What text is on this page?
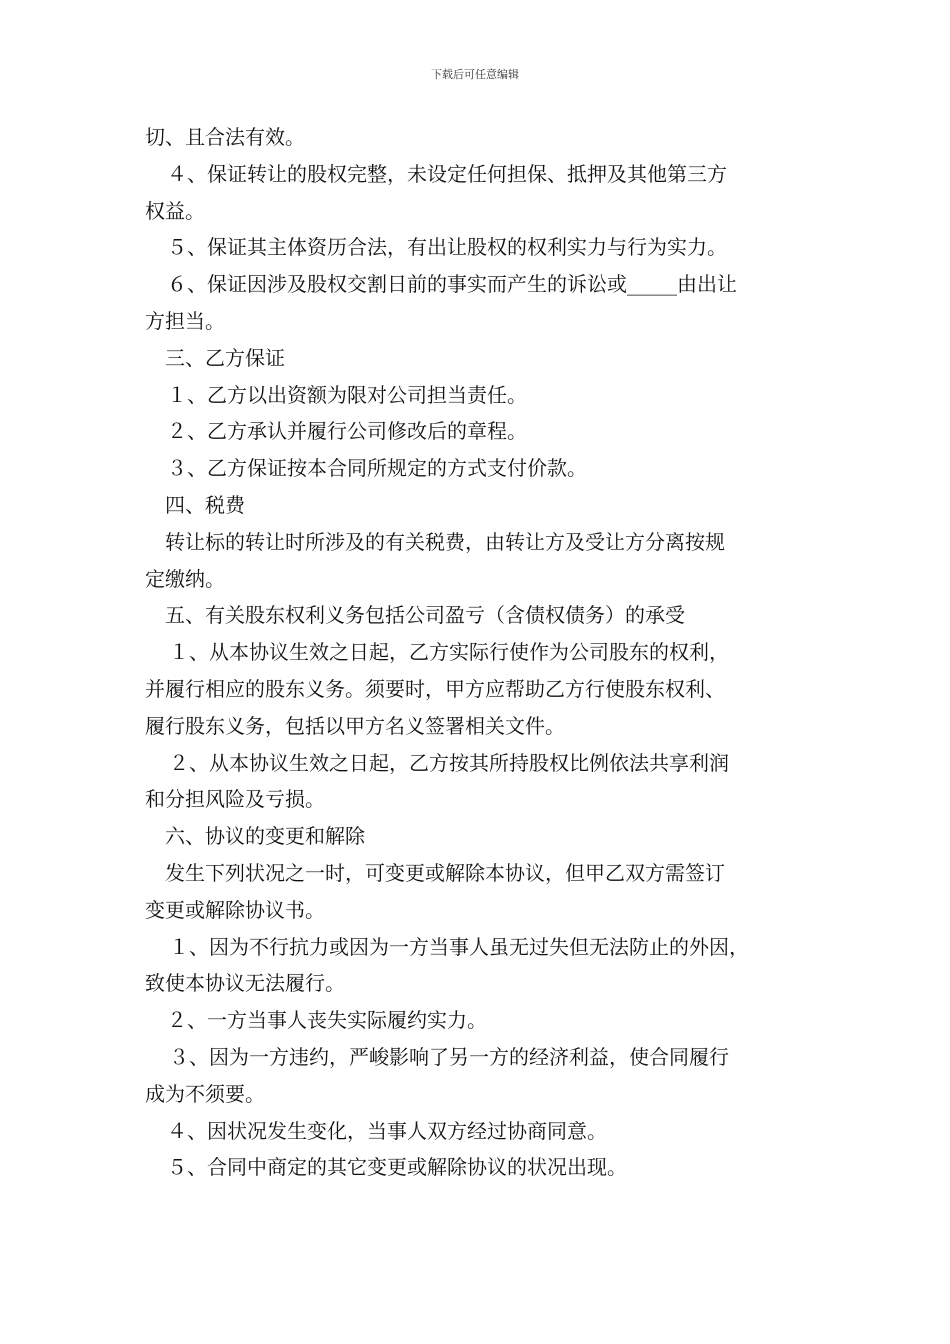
下载后可任意编辑

切、且合法有效。

４、保证转让的股权完整，未设定任何担保、抵押及其他第三方
权益。

５、保证其主体资历合法，有出让股权的权利实力与行为实力。

６、保证因涉及股权交割日前的事实而产生的诉讼或_____由出让
方担当。

三、乙方保证

１、乙方以出资额为限对公司担当责任。

２、乙方承认并履行公司修改后的章程。

３、乙方保证按本合同所规定的方式支付价款。

四、税费

转让标的转让时所涉及的有关税费，由转让方及受让方分离按规
定缴纳。

五、有关股东权利义务包括公司盈亏（含债权债务）的承受

１、从本协议生效之日起，乙方实际行使作为公司股东的权利，
并履行相应的股东义务。须要时，甲方应帮助乙方行使股东权利、
履行股东义务，包括以甲方名义签署相关文件。

２、从本协议生效之日起，乙方按其所持股权比例依法共享利润
和分担风险及亏损。

六、协议的变更和解除

发生下列状况之一时，可变更或解除本协议，但甲乙双方需签订
变更或解除协议书。

１、因为不行抗力或因为一方当事人虽无过失但无法防止的外因，
致使本协议无法履行。

２、一方当事人丧失实际履约实力。

３、因为一方违约，严峻影响了另一方的经济利益，使合同履行
成为不须要。

４、因状况发生变化，当事人双方经过协商同意。

５、合同中商定的其它变更或解除协议的状况出现。
